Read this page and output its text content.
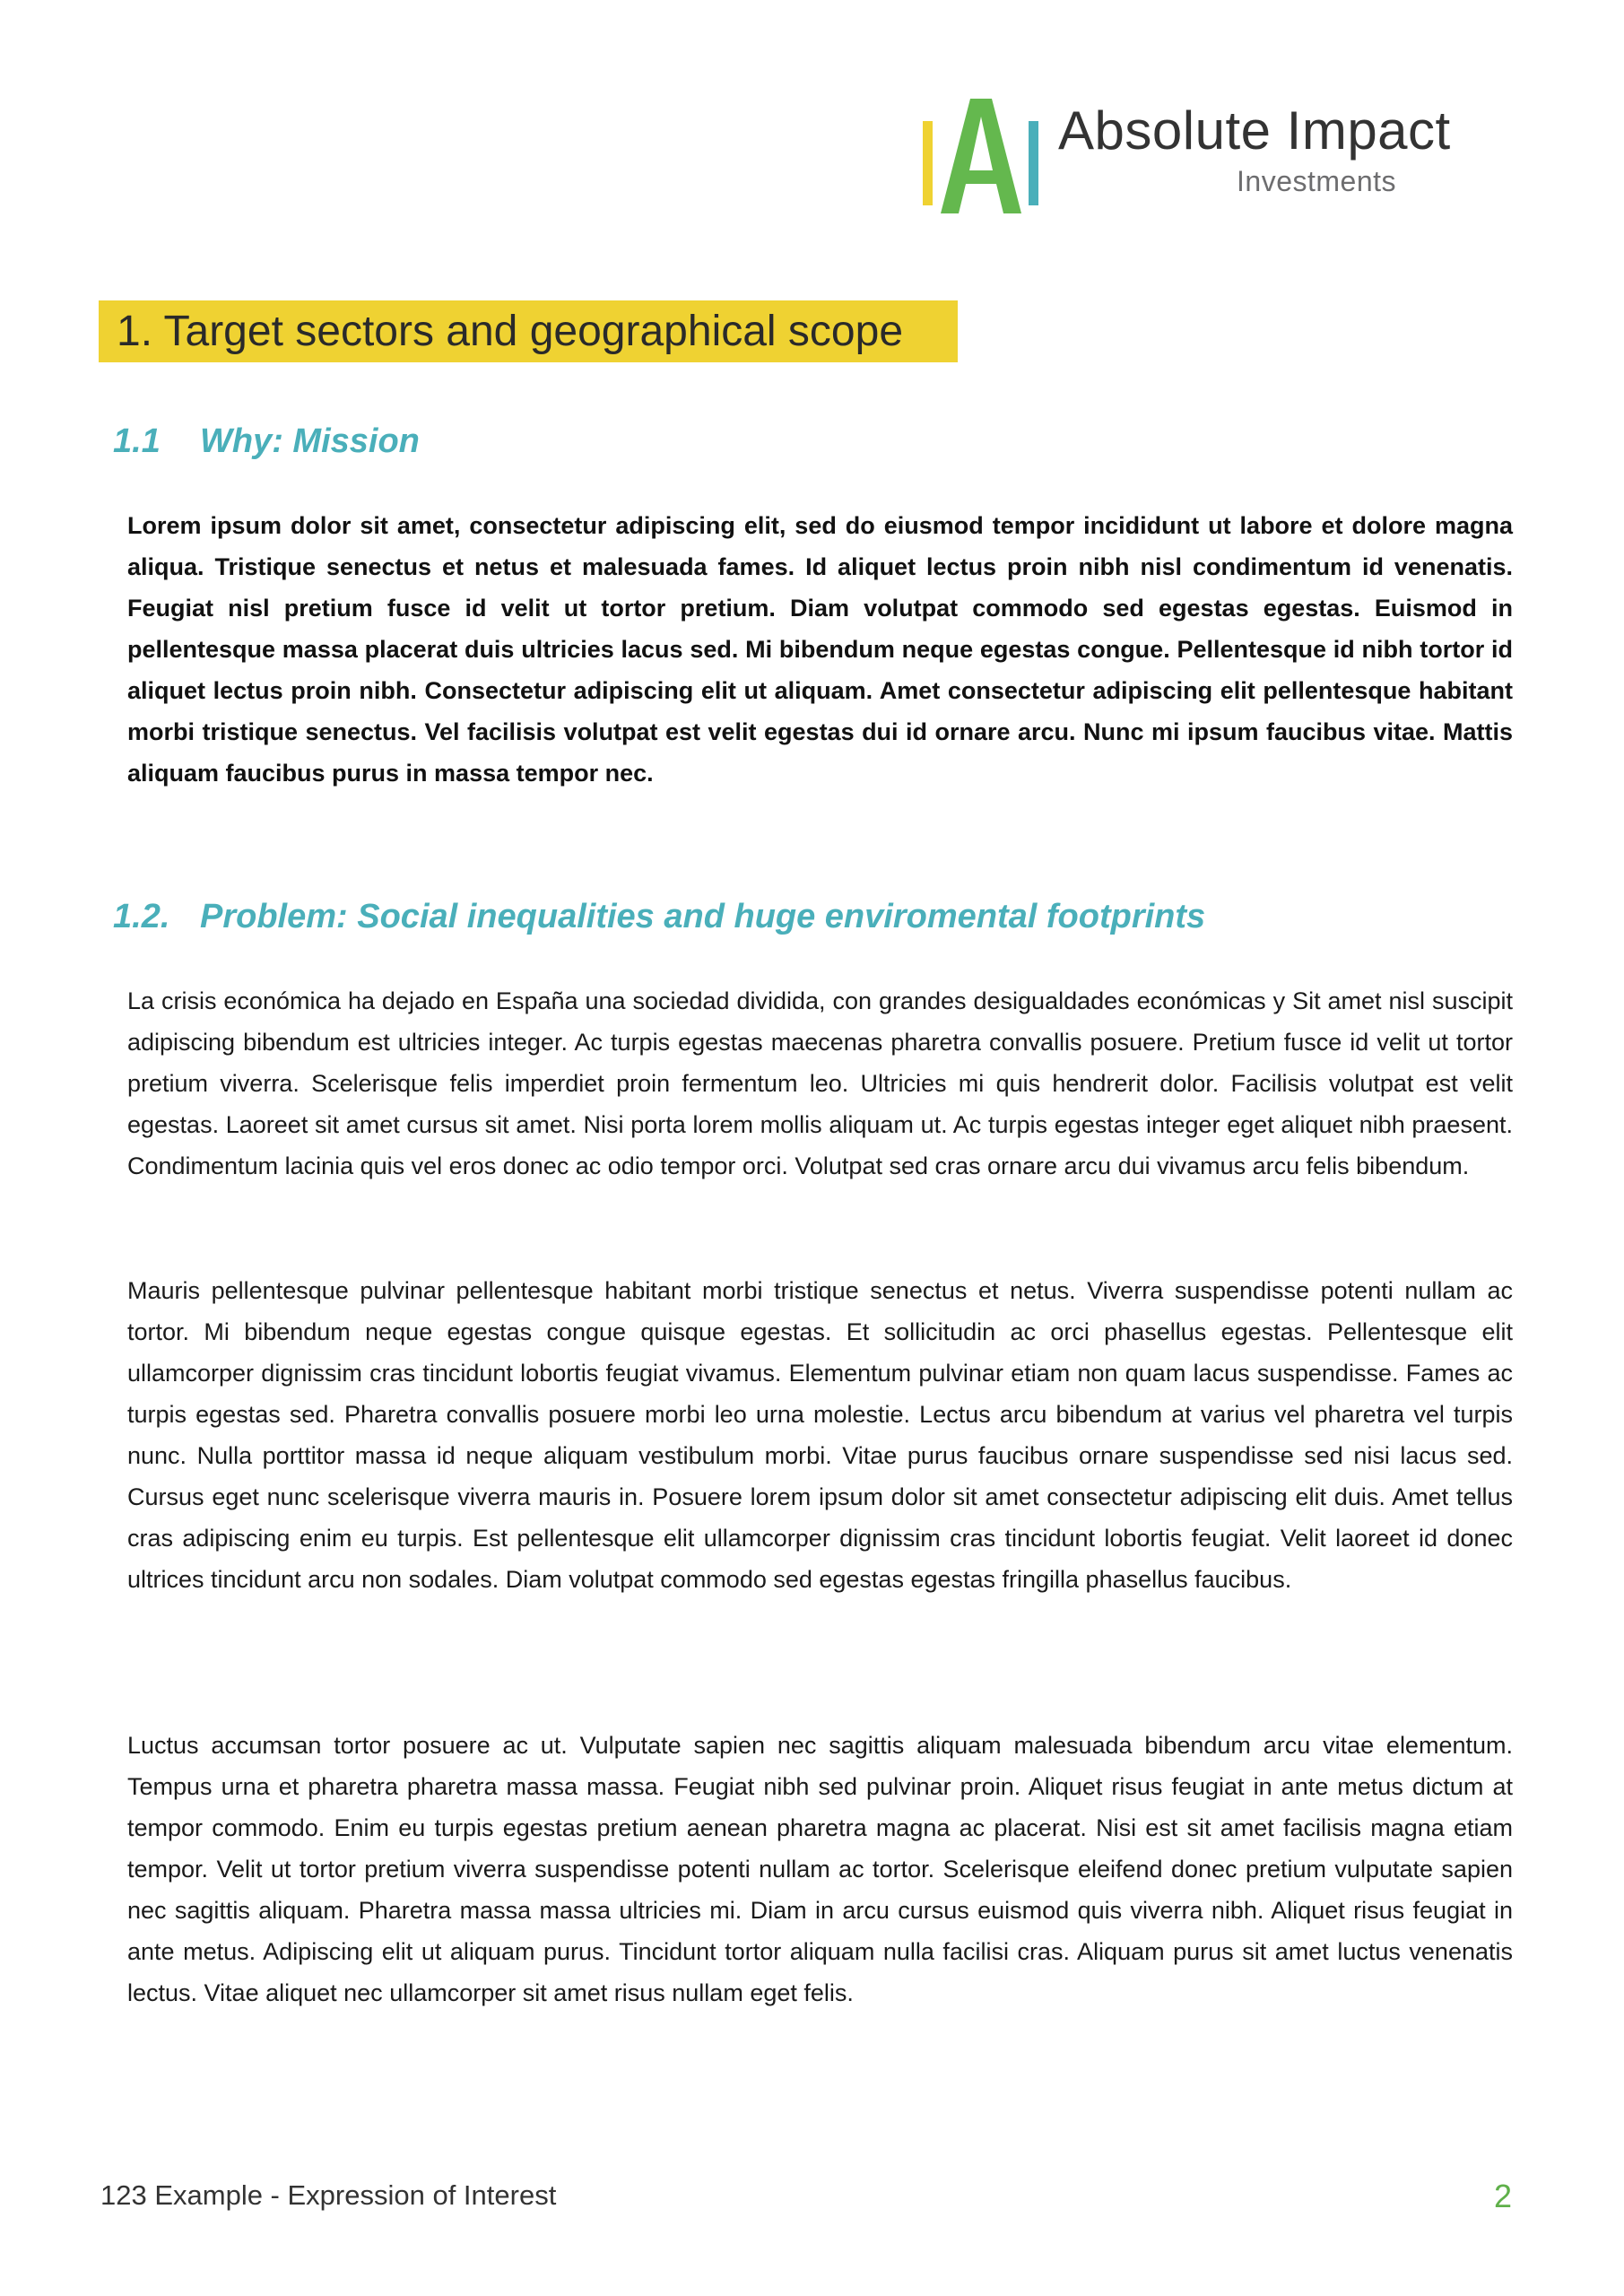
Absolute Impact
Investments
1. Target sectors and geographical scope
1.1 Why: Mission

Lorem ipsum dolor sit amet, consectetur adipiscing elit, sed do eiusmod tempor incididunt ut labore et dolore magna aliqua. Tristique senectus et netus et malesuada fames. Id aliquet lectus proin nibh nisl condimentum id venenatis. Feugiat nisl pretium fusce id velit ut tortor pretium. Diam volutpat commodo sed egestas egestas. Euismod in pellentesque massa placerat duis ultricies lacus sed. Mi bibendum neque egestas congue. Pellentesque id nibh tortor id aliquet lectus proin nibh. Consectetur adipiscing elit ut aliquam. Amet consectetur adipiscing elit pellentesque habitant morbi tristique senectus. Vel facilisis volutpat est velit egestas dui id ornare arcu. Nunc mi ipsum faucibus vitae. Mattis aliquam faucibus purus in massa tempor nec.

1.2. Problem: Social inequalities and huge enviromental footprints

La crisis económica ha dejado en España una sociedad dividida, con grandes desigualdades económicas y Sit amet nisl suscipit adipiscing bibendum est ultricies integer. Ac turpis egestas maecenas pharetra convallis posuere. Pretium fusce id velit ut tortor pretium viverra. Scelerisque felis imperdiet proin fermentum leo. Ultricies mi quis hendrerit dolor. Facilisis volutpat est velit egestas. Laoreet sit amet cursus sit amet. Nisi porta lorem mollis aliquam ut. Ac turpis egestas integer eget aliquet nibh praesent. Condimentum lacinia quis vel eros donec ac odio tempor orci. Volutpat sed cras ornare arcu dui vivamus arcu felis bibendum.

Mauris pellentesque pulvinar pellentesque habitant morbi tristique senectus et netus. Viverra suspendisse potenti nullam ac tortor. Mi bibendum neque egestas congue quisque egestas. Et sollicitudin ac orci phasellus egestas. Pellentesque elit ullamcorper dignissim cras tincidunt lobortis feugiat vivamus. Elementum pulvinar etiam non quam lacus suspendisse. Fames ac turpis egestas sed. Pharetra convallis posuere morbi leo urna molestie. Lectus arcu bibendum at varius vel pharetra vel turpis nunc. Nulla porttitor massa id neque aliquam vestibulum morbi. Vitae purus faucibus ornare suspendisse sed nisi lacus sed. Cursus eget nunc scelerisque viverra mauris in. Posuere lorem ipsum dolor sit amet consectetur adipiscing elit duis. Amet tellus cras adipiscing enim eu turpis. Est pellentesque elit ullamcorper dignissim cras tincidunt lobortis feugiat. Velit laoreet id donec ultrices tincidunt arcu non sodales. Diam volutpat commodo sed egestas egestas fringilla phasellus faucibus.

Luctus accumsan tortor posuere ac ut. Vulputate sapien nec sagittis aliquam malesuada bibendum arcu vitae elementum. Tempus urna et pharetra pharetra massa massa. Feugiat nibh sed pulvinar proin. Aliquet risus feugiat in ante metus dictum at tempor commodo. Enim eu turpis egestas pretium aenean pharetra magna ac placerat. Nisi est sit amet facilisis magna etiam tempor. Velit ut tortor pretium viverra suspendisse potenti nullam ac tortor. Scelerisque eleifend donec pretium vulputate sapien nec sagittis aliquam. Pharetra massa massa ultricies mi. Diam in arcu cursus euismod quis viverra nibh. Aliquet risus feugiat in ante metus. Adipiscing elit ut aliquam purus. Tincidunt tortor aliquam nulla facilisi cras. Aliquam purus sit amet luctus venenatis lectus. Vitae aliquet nec ullamcorper sit amet risus nullam eget felis.

123 Example - Expression of Interest	2
